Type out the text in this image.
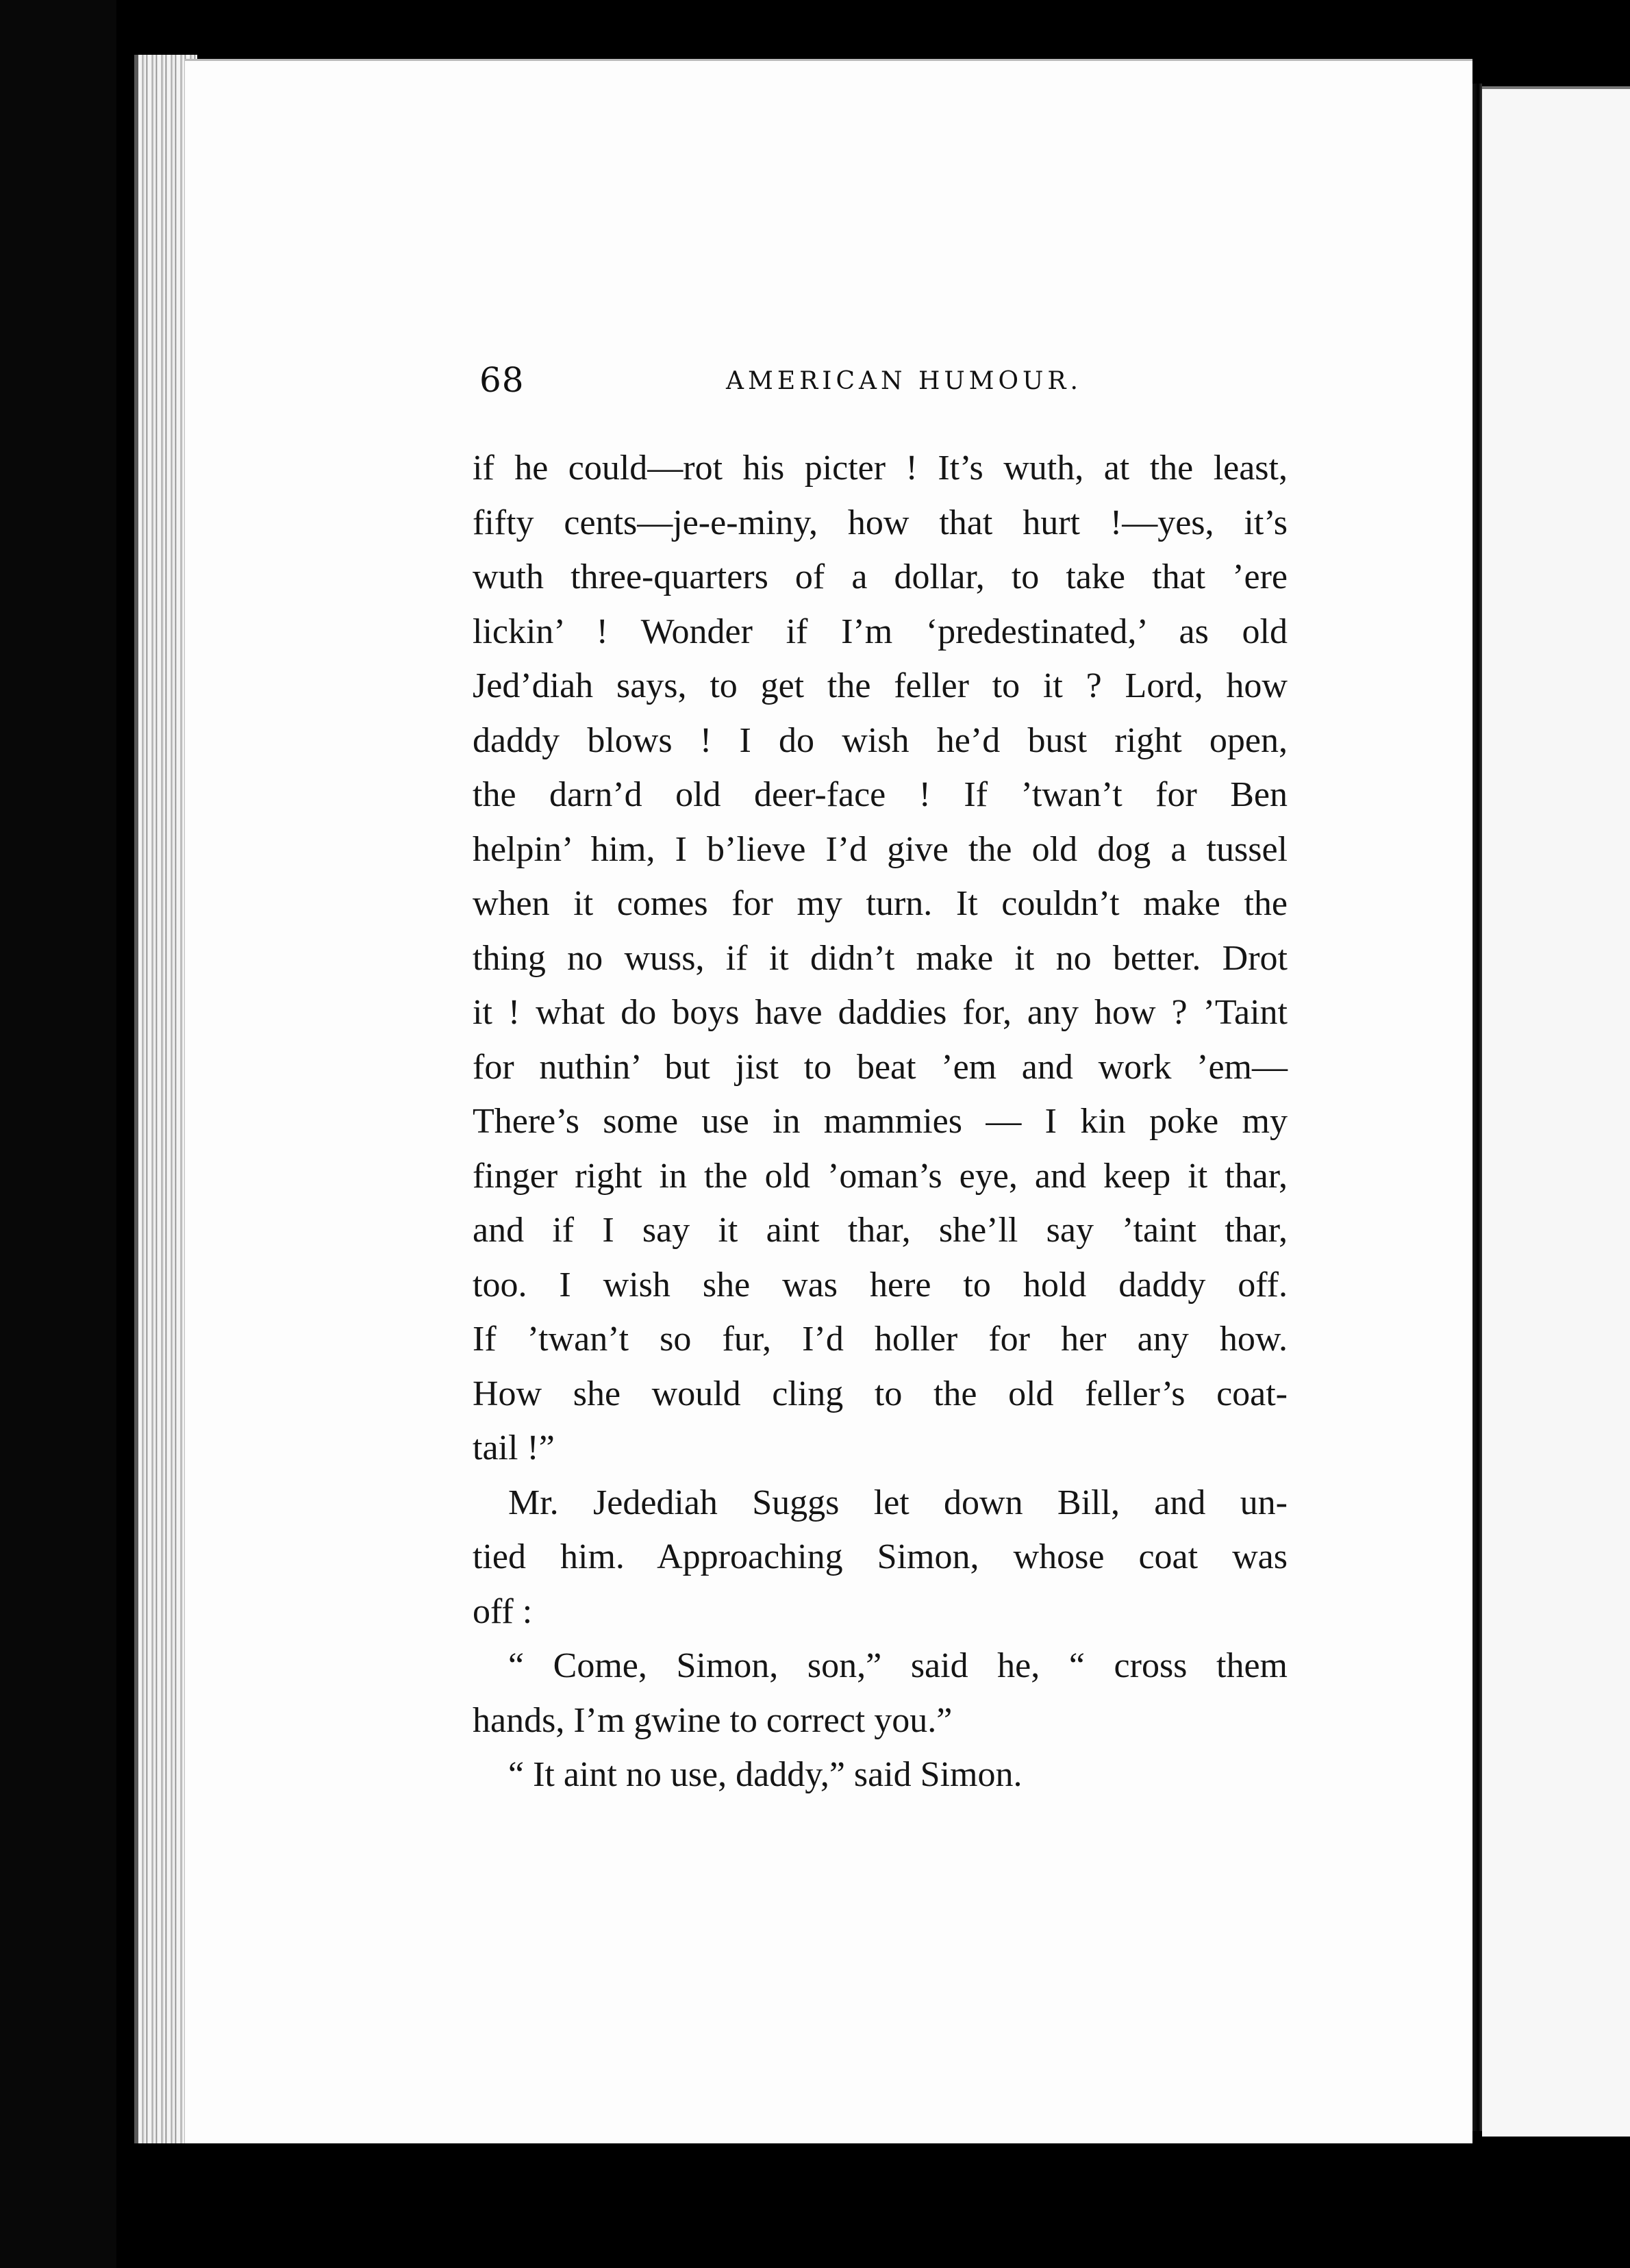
68	AMERICAN HUMOUR.
if he could—rot his picter ! It’s wuth, at the least,
fifty cents—je-e-miny, how that hurt !—yes, it’s
wuth three-quarters of a dollar, to take that ’ere
lickin’ ! Wonder if I’m ‘predestinated,’ as old
Jed’diah says, to get the feller to it ? Lord, how
daddy blows ! I do wish he’d bust right open,
the darn’d old deer-face ! If ’twan’t for Ben
helpin’ him, I b’lieve I’d give the old dog a tussel
when it comes for my turn. It couldn’t make the
thing no wuss, if it didn’t make it no better. Drot
it ! what do boys have daddies for, any how ? ’Taint
for nuthin’ but jist to beat ’em and work ’em—
There’s some use in mammies — I kin poke my
finger right in the old ’oman’s eye, and keep it thar,
and if I say it aint thar, she’ll say ’taint thar,
too. I wish she was here to hold daddy off.
If ’twan’t so fur, I’d holler for her any how.
How she would cling to the old feller’s coat-
tail !”
Mr. Jedediah Suggs let down Bill, and un-
tied him. Approaching Simon, whose coat was
off :
“ Come, Simon, son,” said he, “ cross them
hands, I’m gwine to correct you.”
“ It aint no use, daddy,” said Simon.
